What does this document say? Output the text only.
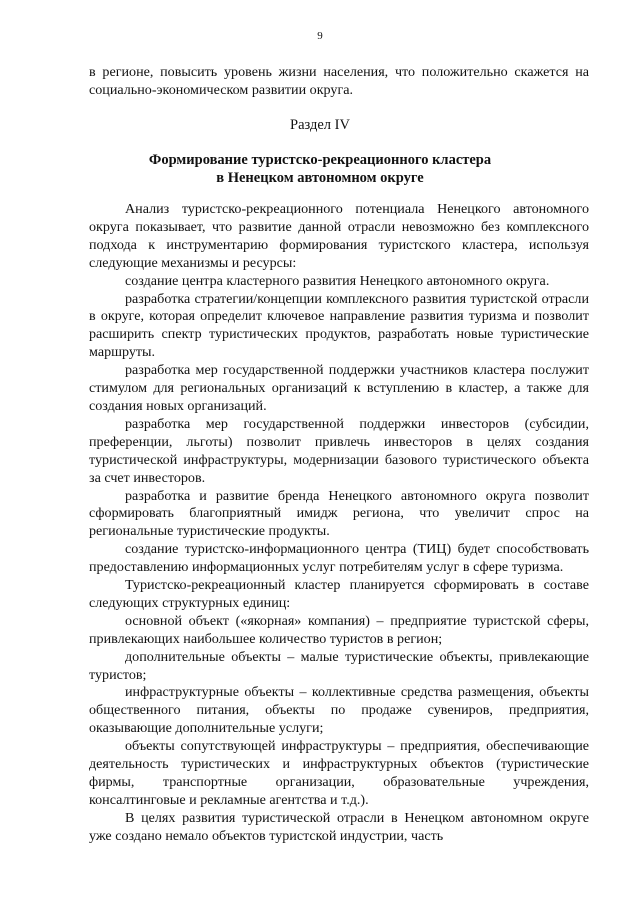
9

в регионе, повысить уровень жизни населения, что положительно скажется на социально-экономическом развитии округа.

Раздел IV
Формирование туристско-рекреационного кластера
в Ненецком автономном округе

Анализ туристско-рекреационного потенциала Ненецкого автономного округа показывает, что развитие данной отрасли невозможно без комплексного подхода к инструментарию формирования туристского кластера, используя следующие механизмы и ресурсы:

создание центра кластерного развития Ненецкого автономного округа.

разработка стратегии/концепции комплексного развития туристской отрасли в округе, которая определит ключевое направление развития туризма и позволит расширить спектр туристических продуктов, разработать новые туристические маршруты.

разработка мер государственной поддержки участников кластера послужит стимулом для региональных организаций к вступлению в кластер, а также для создания новых организаций.

разработка мер государственной поддержки инвесторов (субсидии, преференции, льготы) позволит привлечь инвесторов в целях создания туристической инфраструктуры, модернизации базового туристического объекта за счет инвесторов.

разработка и развитие бренда Ненецкого автономного округа позволит сформировать благоприятный имидж региона, что увеличит спрос на региональные туристические продукты.

создание туристско-информационного центра (ТИЦ) будет способствовать предоставлению информационных услуг потребителям услуг в сфере туризма.

Туристско-рекреационный кластер планируется сформировать в составе следующих структурных единиц:

основной объект («якорная» компания) – предприятие туристской сферы, привлекающих наибольшее количество туристов в регион;

дополнительные объекты – малые туристические объекты, привлекающие туристов;

инфраструктурные объекты – коллективные средства размещения, объекты общественного питания, объекты по продаже сувениров, предприятия, оказывающие дополнительные услуги;

объекты сопутствующей инфраструктуры – предприятия, обеспечивающие деятельность туристических и инфраструктурных объектов (туристические фирмы, транспортные организации, образовательные учреждения, консалтинговые и рекламные агентства и т.д.).

В целях развития туристической отрасли в Ненецком автономном округе уже создано немало объектов туристской индустрии, часть
